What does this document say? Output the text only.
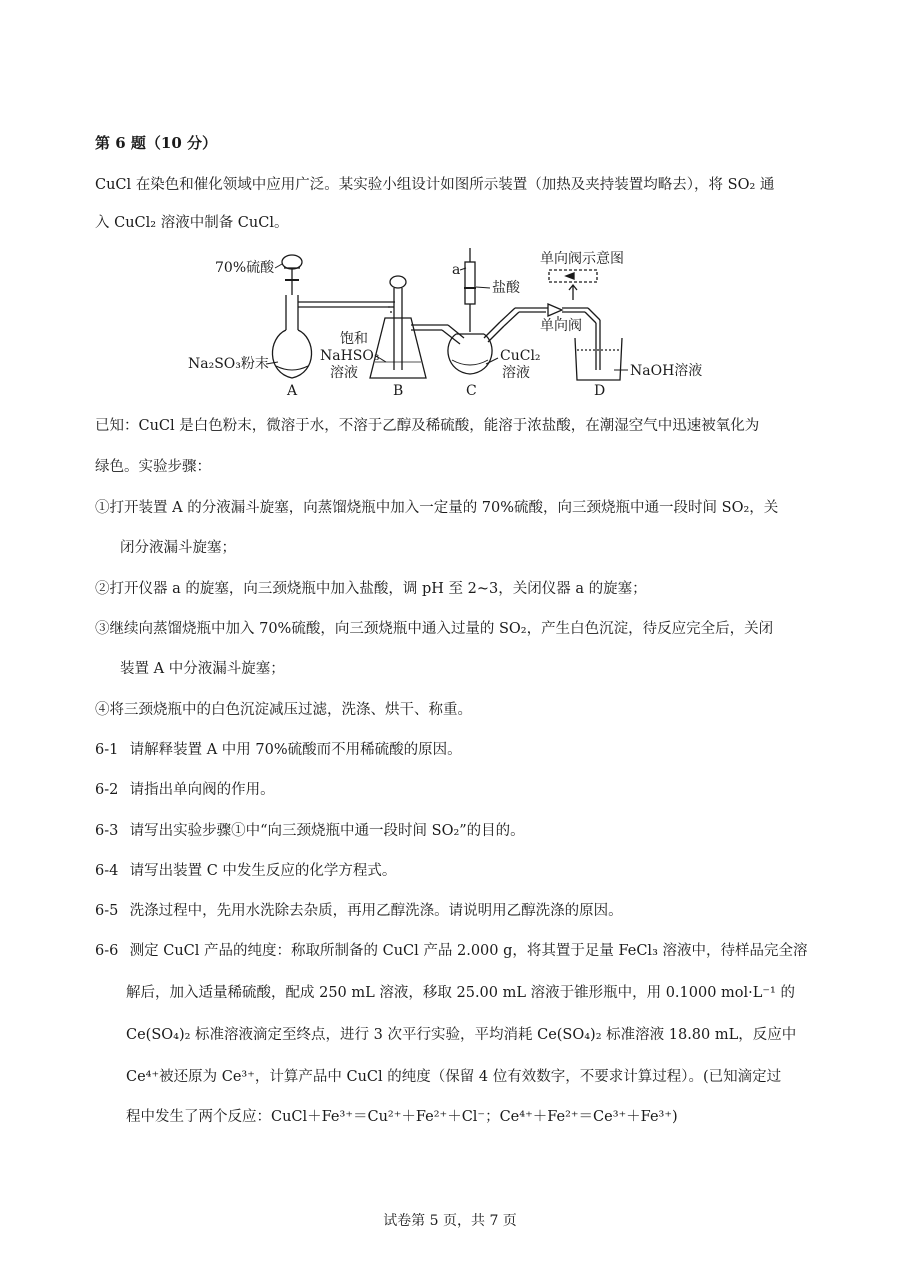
第 6 题（10 分）
CuCl 在染色和催化领域中应用广泛。某实验小组设计如图所示装置（加热及夹持装置均略去），将 SO₂ 通
入 CuCl₂ 溶液中制备 CuCl。
70%硫酸
Na₂SO₃粉末
饱和
NaHSO₃
溶液
a
盐酸
CuCl₂
溶液
单向阀示意图
单向阀
NaOH溶液
A	B	C	D
已知：CuCl 是白色粉末，微溶于水，不溶于乙醇及稀硫酸，能溶于浓盐酸，在潮湿空气中迅速被氧化为
绿色。实验步骤：
①打开装置 A 的分液漏斗旋塞，向蒸馏烧瓶中加入一定量的 70%硫酸，向三颈烧瓶中通一段时间 SO₂，关
闭分液漏斗旋塞；
②打开仪器 a 的旋塞，向三颈烧瓶中加入盐酸，调 pH 至 2~3，关闭仪器 a 的旋塞；
③继续向蒸馏烧瓶中加入 70%硫酸，向三颈烧瓶中通入过量的 SO₂，产生白色沉淀，待反应完全后，关闭
装置 A 中分液漏斗旋塞；
④将三颈烧瓶中的白色沉淀减压过滤，洗涤、烘干、称重。
6-1 请解释装置 A 中用 70%硫酸而不用稀硫酸的原因。
6-2 请指出单向阀的作用。
6-3 请写出实验步骤①中“向三颈烧瓶中通一段时间 SO₂”的目的。
6-4 请写出装置 C 中发生反应的化学方程式。
6-5 洗涤过程中，先用水洗除去杂质，再用乙醇洗涤。请说明用乙醇洗涤的原因。
6-6 测定 CuCl 产品的纯度：称取所制备的 CuCl 产品 2.000 g，将其置于足量 FeCl₃ 溶液中，待样品完全溶
解后，加入适量稀硫酸，配成 250 mL 溶液，移取 25.00 mL 溶液于锥形瓶中，用 0.1000 mol·L⁻¹ 的
Ce(SO₄)₂ 标准溶液滴定至终点，进行 3 次平行实验，平均消耗 Ce(SO₄)₂ 标准溶液 18.80 mL，反应中
Ce⁴⁺被还原为 Ce³⁺，计算产品中 CuCl 的纯度（保留 4 位有效数字，不要求计算过程）。(已知滴定过
程中发生了两个反应：CuCl＋Fe³⁺＝Cu²⁺＋Fe²⁺＋Cl⁻；Ce⁴⁺＋Fe²⁺＝Ce³⁺＋Fe³⁺)
试卷第 5 页，共 7 页
